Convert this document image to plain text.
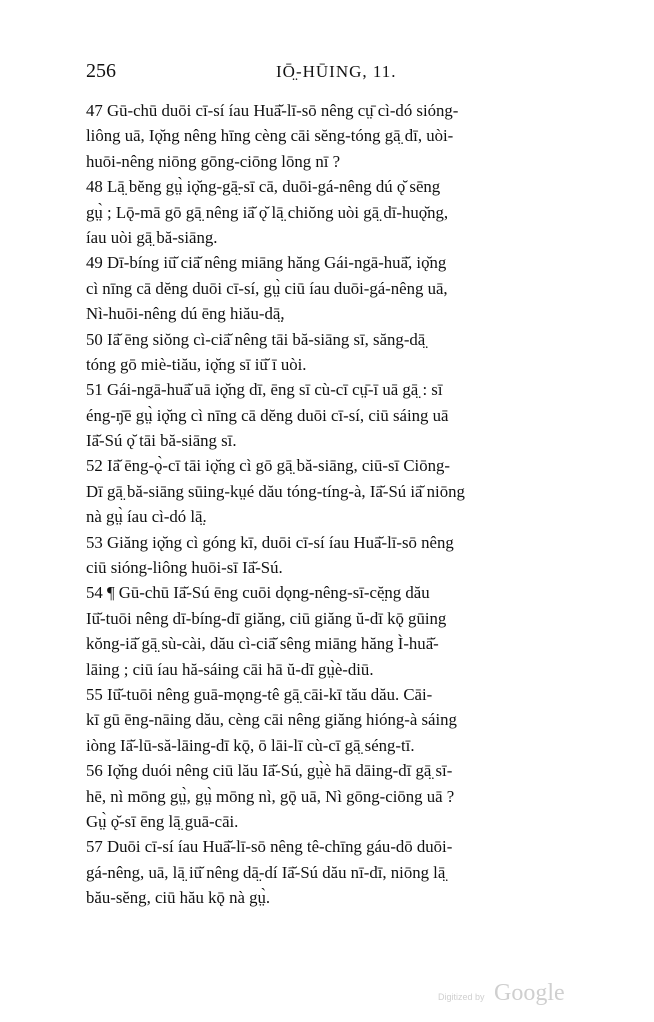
256	IŌ̤-HŪING, 11.
47 Gū-chū duōi cī-sí íau Huā̆-lī-sō nêng cṳ̄ cì-dó sióng-
liông uā, Iǫ̆ng nêng hīng cèng cāi sĕng-tóng gā̤ dī, uòi-
huōi-nêng niōng gōng-ciōng lōng nī ?
48 Lā̤ bĕng gṳ̀ iǫ̆ng-gā̤-sī cā, duōi-gá-nêng dú ǫ̆ sēng
gṳ̀ ; Lǭ-mā gō gā̤ nêng iā̆ ǫ̆ lā̤ chiŏng uòi gā̤ dī-huǫ̆ng,
íau uòi gā̤ bă-siāng.
49 Dī-bíng iū̆ ciā̆ nêng miāng hăng Gái-ngā-huā̆, iǫ̆ng
cì nīng cā dĕng duōi cī-sí, gṳ̀ ciū íau duōi-gá-nêng uā,
Nì-huōi-nêng dú ēng hiău-dā̤,
50 Iā̆ ēng siŏng cì-ciā̆ nêng tāi bă-siāng sī, săng-dā̤
tóng gō miè-tiău, iǫ̆ng sī iū̆ ī uòi.
51 Gái-ngā-huā̆ uā iǫ̆ng dī, ēng sī cù-cī cṳ̄-ī uā gā̤ : sī
éng-ŋ̄ē gṳ̀ iǫ̆ng cì nīng cā dĕng duōi cī-sí, ciū sáing uā
Iā̆-Sú ǫ̆ tāi bă-siāng sī.
52 Iā̆ ēng-ǫ̀-cī tāi iǫ̆ng cì gō gā̤ bă-siāng, ciū-sī Ciōng-
Dī gā̤ bă-siāng sūing-kṳé dău tóng-tíng-à, Iā̆-Sú iā̆ niōng
nà gṳ̀ íau cì-dó lā̤.
53 Giăng iǫ̆ng cì góng kī, duōi cī-sí íau Huā̆-lī-sō nêng
ciū sióng-liông huōi-sī Iā̆-Sú.
54 ¶ Gū-chū Iā̆-Sú ēng cuōi dǫng-nêng-sī-cĕ̤ng dău
Iū̆-tuōi nêng dī-bíng-dī giăng, ciū giăng ŭ-dī kǭ gūing
kŏng-iā̆ gā̤ sù-cài, dău cì-ciā̆ sêng miāng hăng Ì-huā̆-
lāing ; ciū íau hă-sáing cāi hā ŭ-dī gṳ̀è-diū.
55 Iū̆-tuōi nêng guā-mǫng-tê gā̤ cāi-kī tău dău. Cāi-
kī gū ēng-nāing dău, cèng cāi nêng giăng hióng-à sáing
iòng Iā̆-lū-să-lāing-dī kǭ, ō lāi-lī cù-cī gā̤ séng-tī.
56 Iǫ̆ng duói nêng ciū lău Iā̆-Sú, gṳ̀è hā dāing-dī gā̤ sī-
hē, nì mōng gṳ̀, gṳ̀ mōng nì, gǭ uā, Nì gōng-ciōng uā ?
Gṳ̀ ǫ̆-sī ēng lā̤ guā-cāi.
57 Duōi cī-sí íau Huā̆-lī-sō nêng tê-chīng gáu-dō duōi-
gá-nêng, uā, lā̤ iū̆ nêng dā̤-dí Iā̆-Sú dău nī-dī, niōng lā̤
bău-sĕng, ciū hău kǭ nà gṳ̀.
Digitized by Google
